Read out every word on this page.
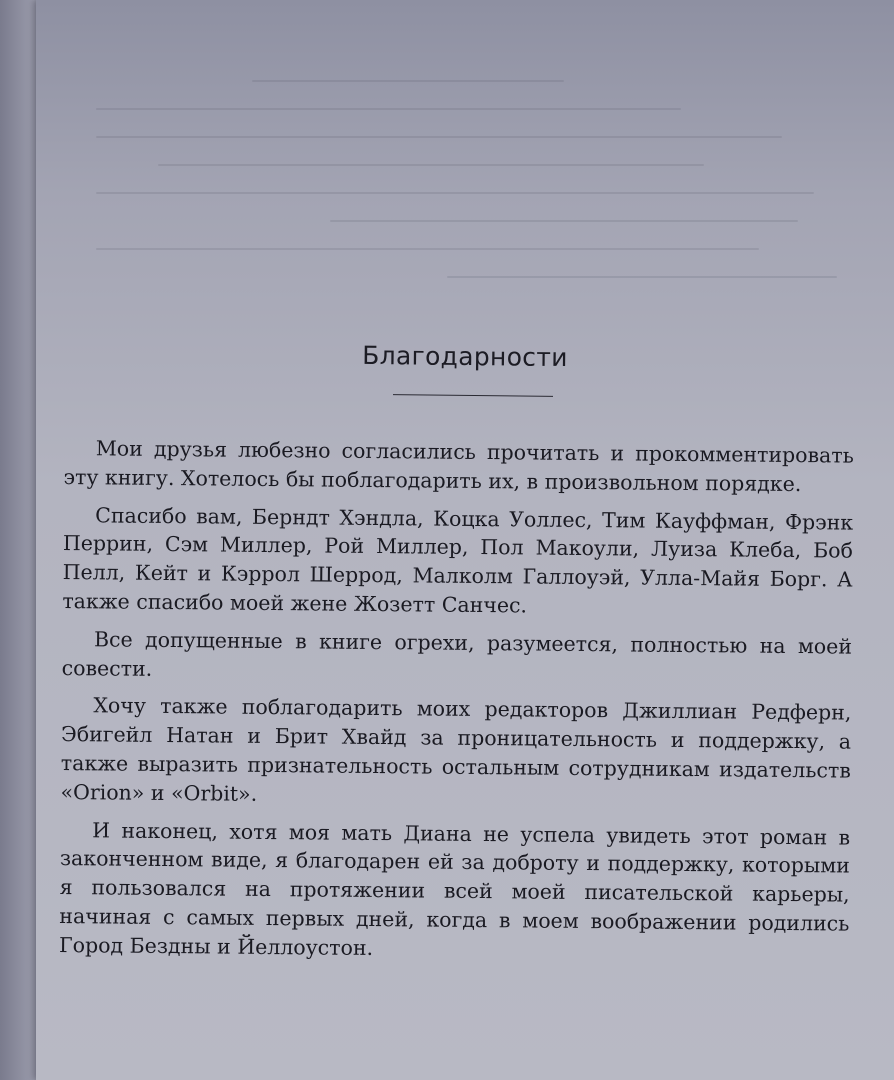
Благодарности

Мои друзья любезно согласились прочитать и прокомментировать эту книгу. Хотелось бы поблагодарить их, в произвольном порядке.

Спасибо вам, Берндт Хэндла, Коцка Уоллес, Тим Кауффман, Фрэнк Перрин, Сэм Миллер, Рой Миллер, Пол Макоули, Луиза Клеба, Боб Пелл, Кейт и Кэррол Шеррод, Малколм Галлоуэй, Улла-Майя Борг. А также спасибо моей жене Жозетт Санчес.

Все допущенные в книге огрехи, разумеется, полностью на моей совести.

Хочу также поблагодарить моих редакторов Джиллиан Редферн, Эбигейл Натан и Брит Хвайд за проницательность и поддержку, а также выразить признательность остальным сотрудникам издательств «Orion» и «Orbit».

И наконец, хотя моя мать Диана не успела увидеть этот роман в законченном виде, я благодарен ей за доброту и поддержку, которыми я пользовался на протяжении всей моей писательской карьеры, начиная с самых первых дней, когда в моем воображении родились Город Бездны и Йеллоустон.
